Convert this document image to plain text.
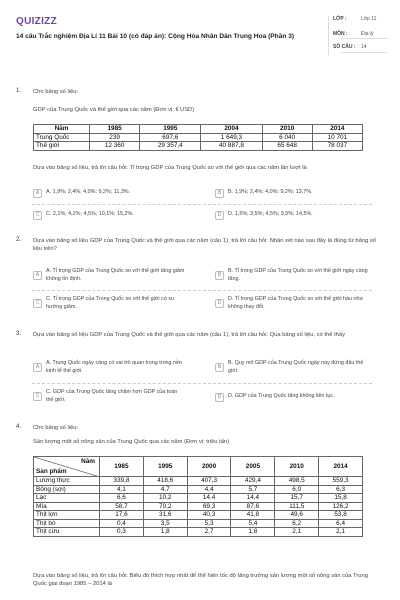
QUIZIZZ
14 câu Trắc nghiệm Địa Lí 11 Bài 10 (có đáp án): Cộng Hòa Nhân Dân Trung Hoa (Phần 3)
LỚP :	Lớp 11
MÔN :	Địa lý
SỐ CÂU :	14
1. Cho bảng số liệu:
GDP của Trung Quốc và thế giới qua các năm (Đơn vị: tỉ USD)
Năm	1985	1995	2004	2010	2014
Trung Quốc	239	697,6	1 649,3	6 040	10 701
Thế giới	12 360	29 357,4	40 887,8	65 648	78 037
Dựa vào bảng số liệu, trả lời câu hỏi: Tỉ trọng GDP của Trung Quốc so với thế giới qua các năm lần lượt là
A	A. 1,9%; 2,4%; 4,0%; 9,2%; 11,3%.	B	B. 1,9%; 2,4%; 4,0%; 9,2%; 13,7%.
C	C. 2,1%; 4,2%; 4,5%; 10,1%; 15,2%.	D	D. 1,5%; 3,5%; 4,5%; 9,5%; 14,5%.
2. Dựa vào bảng số liệu GDP của Trung Quốc và thế giới qua các năm (câu 1), trả lời câu hỏi: Nhận xét nào sau đây là đúng từ bảng số liệu trên?
A
A. Tỉ trọng GDP của Trung Quốc so với thế giới tăng giảm không ổn định.
B
B. Tỉ trọng GDP của Trung Quốc so với thế giới ngày càng tăng.
C
C. Tỉ trọng GDP của Trung Quốc so với thế giới có xu hướng giảm.
D
D. Tỉ trọng GDP của Trung Quốc so với thế giới hầu như không thay đổi.
3. Dựa vào bảng số liệu GDP của Trung Quốc và thế giới qua các năm (câu 1), trả lời câu hỏi: Qua bảng số liệu, có thể thấy
A
A. Trung Quốc ngày càng có vai trò quan trọng trong nền kinh tế thế giới.
B
B. Quy mô GDP của Trung Quốc ngày nay đứng đầu thế giới.
C
C. GDP của Trung Quốc tăng chậm hơn GDP của toàn thế giới.	D	D. GDP của Trung Quốc tăng không liên tục.
4. Cho bảng số liệu:
Sản lượng một số nông sản của Trung Quốc qua các năm (Đơn vị: triệu tấn)
Năm
Sản phẩm	1985	1995	2000	2005	2010	2014
Lương thực	339,8	418,6	407,3	429,4	498,5	559,3
Bông (sợi)	4,1	4,7	4,4	5,7	6,0	6,3
Lạc	6,6	10,2	14,4	14,4	15,7	15,8
Mía	58,7	70,2	69,3	87,6	111,5	126,2
Thịt lợn	17,6	31,6	40,3	41,8	49,6	53,8
Thịt bò	0,4	3,5	5,3	5,4	6,2	6,4
Thịt cừu	0,3	1,8	2,7	1,8	2,1	2,1
Dựa vào bảng số liệu, trả lời câu hỏi: Biểu đồ thích hợp nhất để thể hiện tốc độ tăng trưởng sản lượng một số nông sản của Trung Quốc giai đoạn 1985 – 2014 là
